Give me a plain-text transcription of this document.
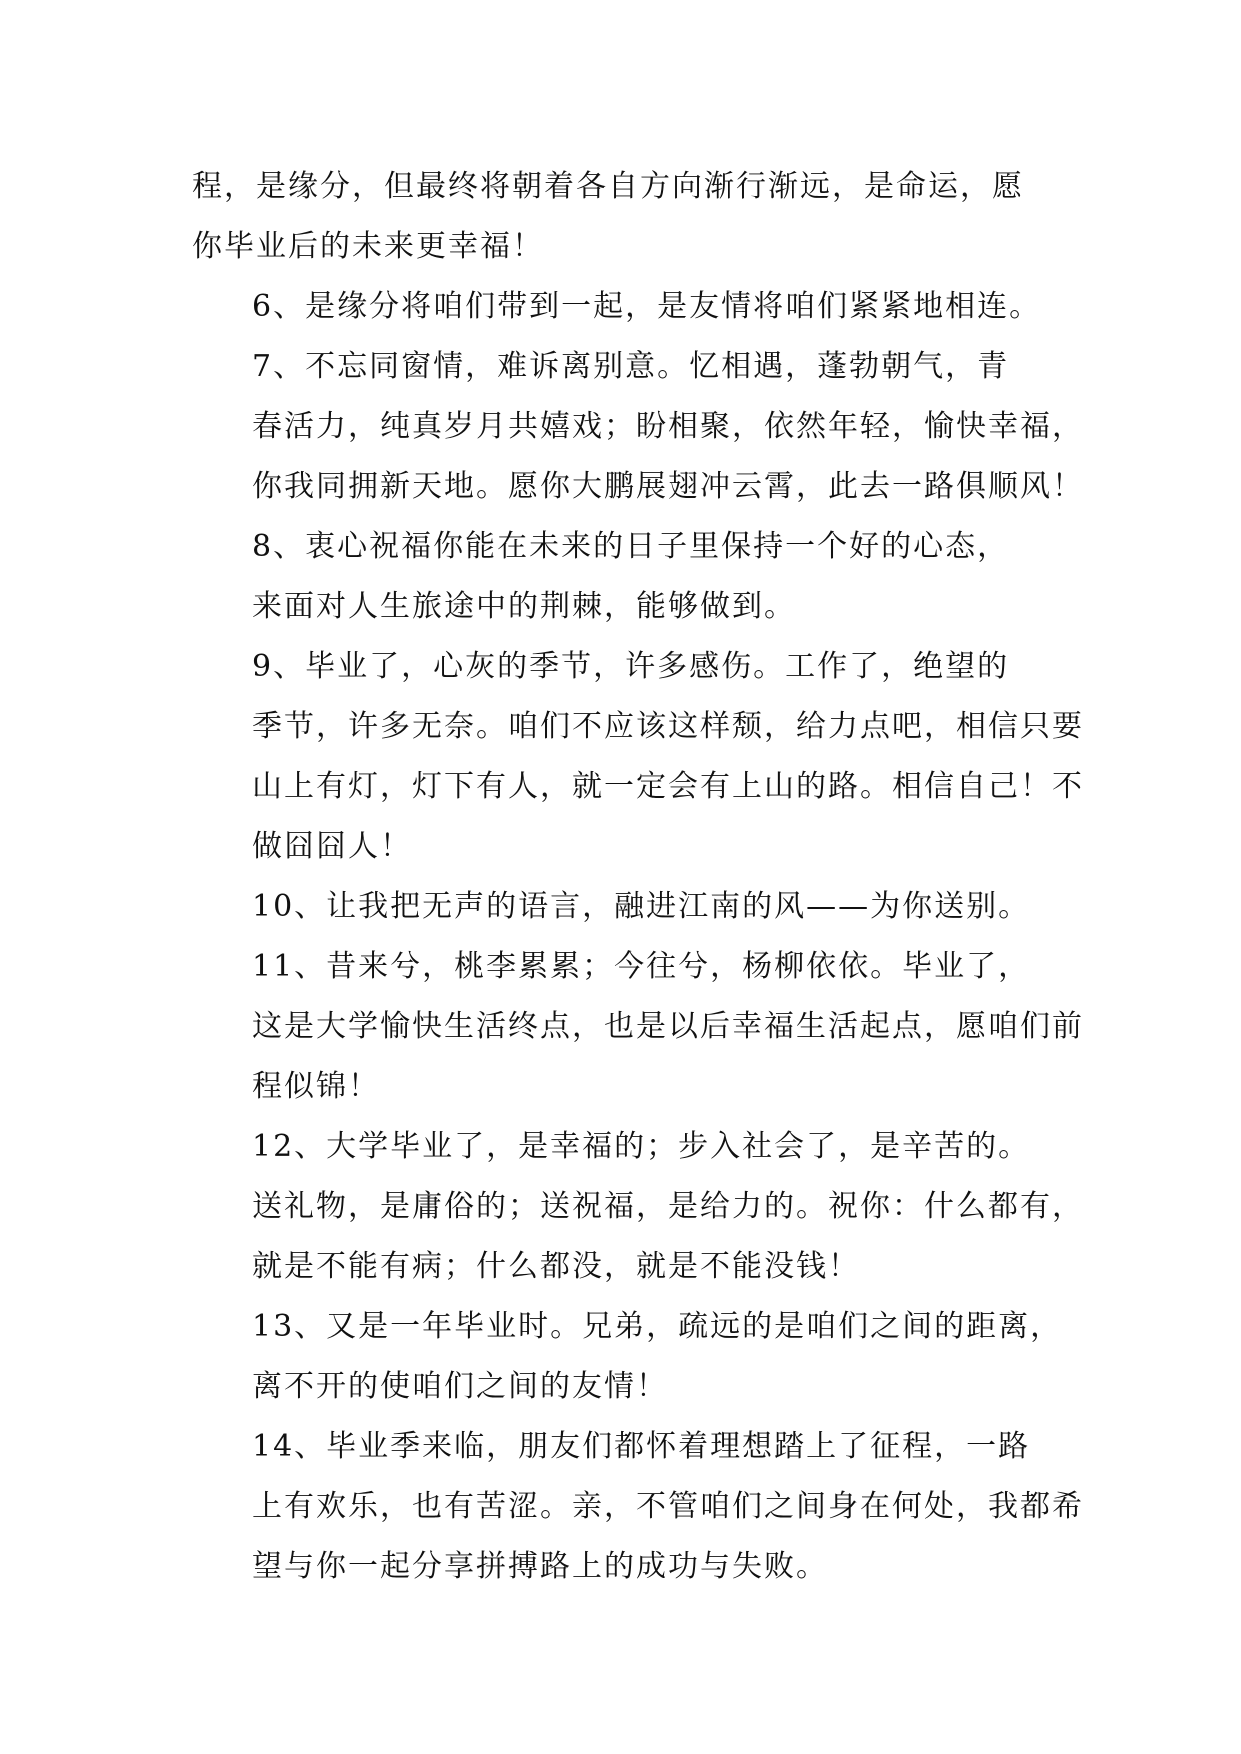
程，是缘分，但最终将朝着各自方向渐行渐远，是命运，愿
你毕业后的未来更幸福！
6、是缘分将咱们带到一起，是友情将咱们紧紧地相连。
7、不忘同窗情，难诉离别意。忆相遇，蓬勃朝气，青
春活力，纯真岁月共嬉戏；盼相聚，依然年轻，愉快幸福，
你我同拥新天地。愿你大鹏展翅冲云霄，此去一路俱顺风！
8、衷心祝福你能在未来的日子里保持一个好的心态，
来面对人生旅途中的荆棘，能够做到。
9、毕业了，心灰的季节，许多感伤。工作了，绝望的
季节，许多无奈。咱们不应该这样颓，给力点吧，相信只要
山上有灯，灯下有人，就一定会有上山的路。相信自己！不
做囧囧人！
10、让我把无声的语言，融进江南的风——为你送别。
11、昔来兮，桃李累累；今往兮，杨柳依依。毕业了，
这是大学愉快生活终点，也是以后幸福生活起点，愿咱们前
程似锦！
12、大学毕业了，是幸福的；步入社会了，是辛苦的。
送礼物，是庸俗的；送祝福，是给力的。祝你：什么都有，
就是不能有病；什么都没，就是不能没钱！
13、又是一年毕业时。兄弟，疏远的是咱们之间的距离，
离不开的使咱们之间的友情！
14、毕业季来临，朋友们都怀着理想踏上了征程，一路
上有欢乐，也有苦涩。亲，不管咱们之间身在何处，我都希
望与你一起分享拼搏路上的成功与失败。
